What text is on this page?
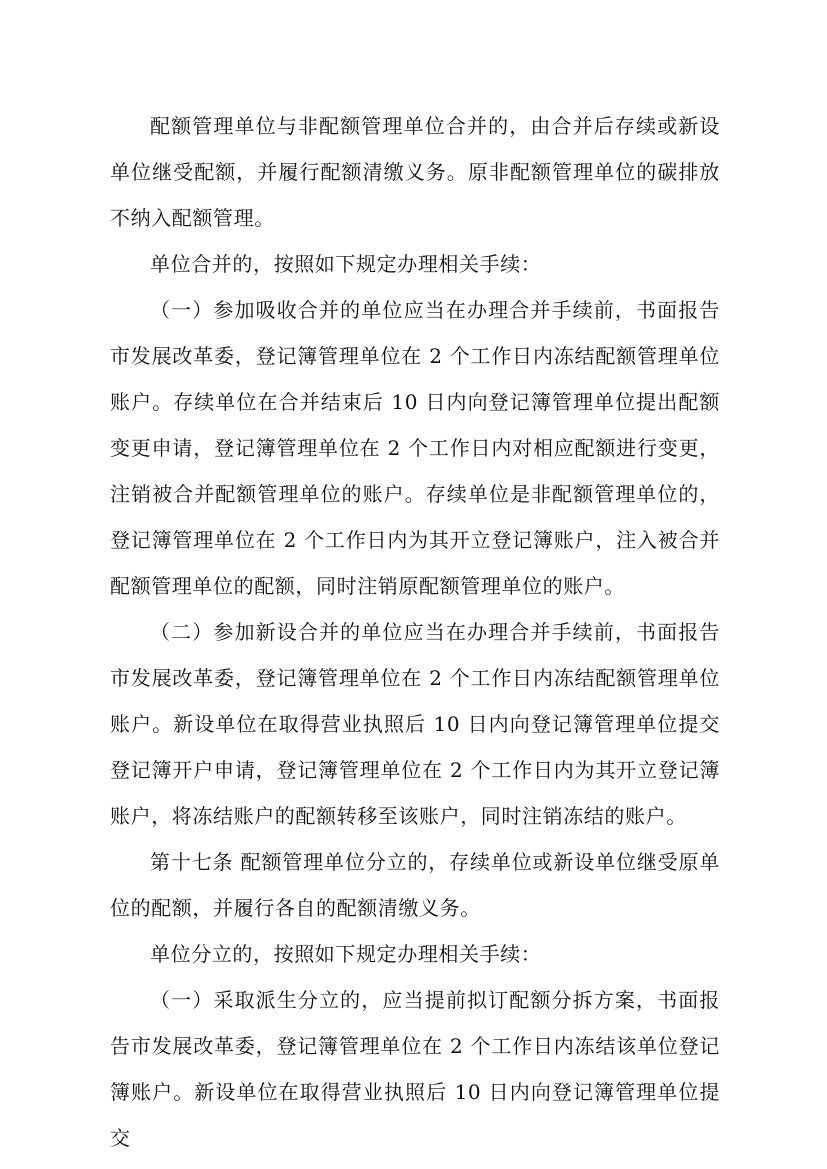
配额管理单位与非配额管理单位合并的，由合并后存续或新设单位继受配额，并履行配额清缴义务。原非配额管理单位的碳排放不纳入配额管理。

单位合并的，按照如下规定办理相关手续：

（一）参加吸收合并的单位应当在办理合并手续前，书面报告市发展改革委，登记簿管理单位在 2 个工作日内冻结配额管理单位账户。存续单位在合并结束后 10 日内向登记簿管理单位提出配额变更申请，登记簿管理单位在 2 个工作日内对相应配额进行变更，注销被合并配额管理单位的账户。存续单位是非配额管理单位的，登记簿管理单位在 2 个工作日内为其开立登记簿账户，注入被合并配额管理单位的配额，同时注销原配额管理单位的账户。

（二）参加新设合并的单位应当在办理合并手续前，书面报告市发展改革委，登记簿管理单位在 2 个工作日内冻结配额管理单位账户。新设单位在取得营业执照后 10 日内向登记簿管理单位提交登记簿开户申请，登记簿管理单位在 2 个工作日内为其开立登记簿账户，将冻结账户的配额转移至该账户，同时注销冻结的账户。

第十七条 配额管理单位分立的，存续单位或新设单位继受原单位的配额，并履行各自的配额清缴义务。

单位分立的，按照如下规定办理相关手续：

（一）采取派生分立的，应当提前拟订配额分拆方案，书面报告市发展改革委，登记簿管理单位在 2 个工作日内冻结该单位登记簿账户。新设单位在取得营业执照后 10 日内向登记簿管理单位提交
